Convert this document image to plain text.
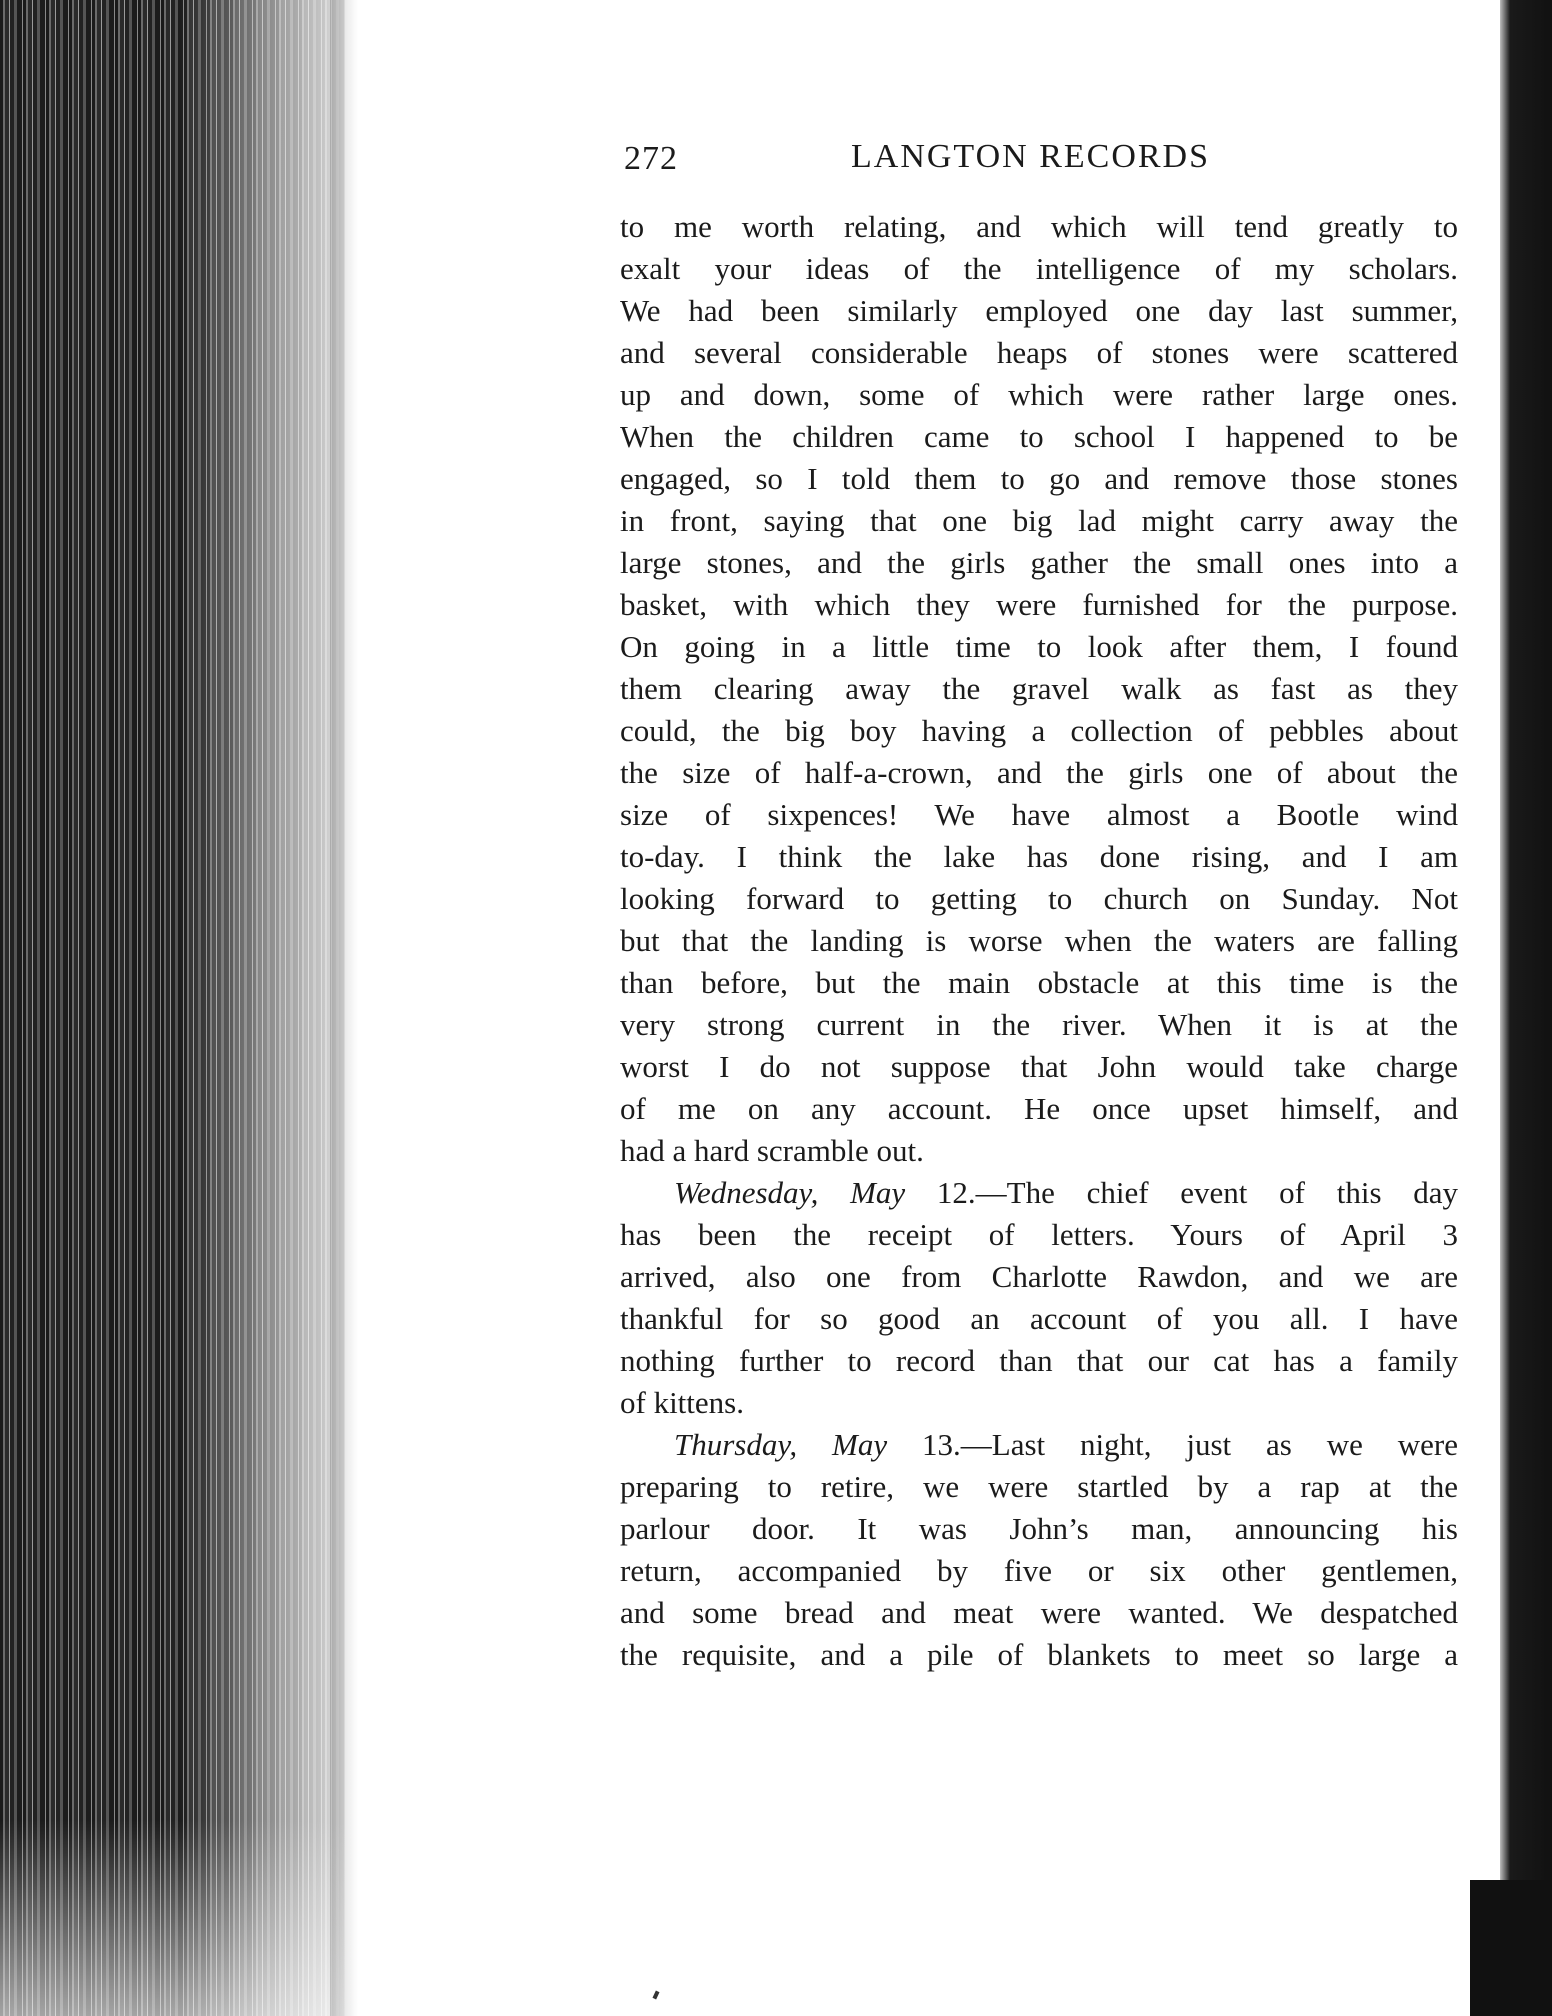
272	LANGTON RECORDS
to me worth relating, and which will tend greatly to
exalt your ideas of the intelligence of my scholars.
We had been similarly employed one day last summer,
and several considerable heaps of stones were scattered
up and down, some of which were rather large ones.
When the children came to school I happened to be
engaged, so I told them to go and remove those stones
in front, saying that one big lad might carry away the
large stones, and the girls gather the small ones into a
basket, with which they were furnished for the purpose.
On going in a little time to look after them, I found
them clearing away the gravel walk as fast as they
could, the big boy having a collection of pebbles about
the size of half-a-crown, and the girls one of about the
size of sixpences! We have almost a Bootle wind
to-day. I think the lake has done rising, and I am
looking forward to getting to church on Sunday. Not
but that the landing is worse when the waters are falling
than before, but the main obstacle at this time is the
very strong current in the river. When it is at the
worst I do not suppose that John would take charge
of me on any account. He once upset himself, and
had a hard scramble out.
Wednesday, May 12.—The chief event of this day
has been the receipt of letters. Yours of April 3
arrived, also one from Charlotte Rawdon, and we are
thankful for so good an account of you all. I have
nothing further to record than that our cat has a family
of kittens.
Thursday, May 13.—Last night, just as we were
preparing to retire, we were startled by a rap at the
parlour door. It was John’s man, announcing his
return, accompanied by five or six other gentlemen,
and some bread and meat were wanted. We despatched
the requisite, and a pile of blankets to meet so large a
